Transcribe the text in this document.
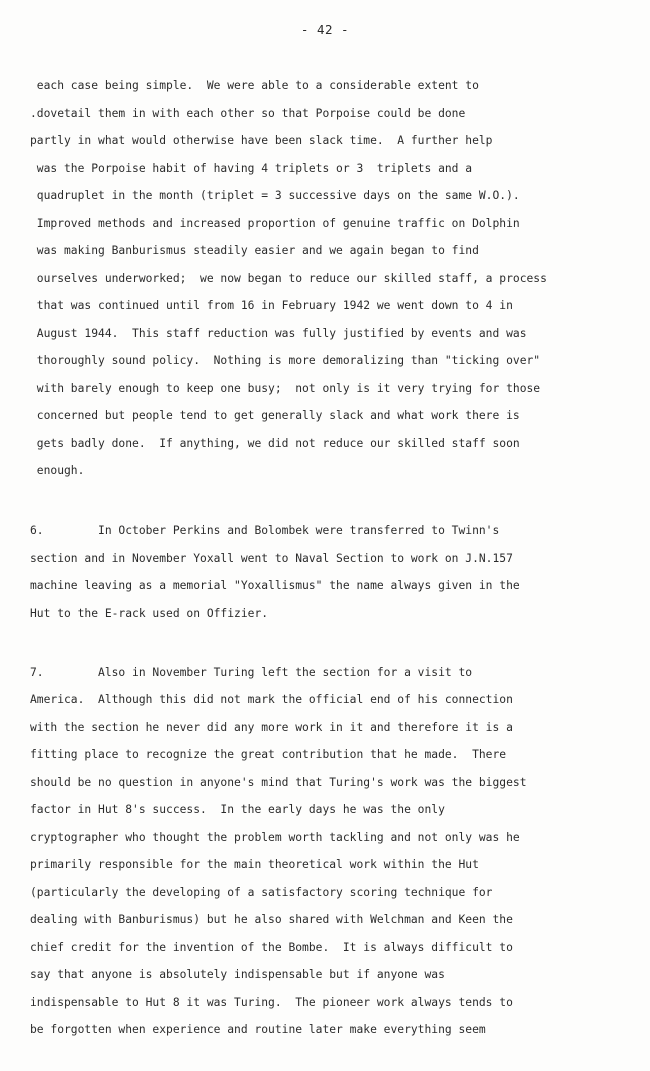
- 42 -
each case being simple.  We were able to a considerable extent to
.dovetail them in with each other so that Porpoise could be done
partly in what would otherwise have been slack time.  A further help
was the Porpoise habit of having 4 triplets or 3  triplets and a
quadruplet in the month (triplet = 3 successive days on the same W.O.).
Improved methods and increased proportion of genuine traffic on Dolphin
was making Banburismus steadily easier and we again began to find
ourselves underworked;  we now began to reduce our skilled staff, a process
that was continued until from 16 in February 1942 we went down to 4 in
August 1944.  This staff reduction was fully justified by events and was
thoroughly sound policy.  Nothing is more demoralizing than "ticking over"
with barely enough to keep one busy;  not only is it very trying for those
concerned but people tend to get generally slack and what work there is
gets badly done.  If anything, we did not reduce our skilled staff soon
enough.
6.        In October Perkins and Bolombek were transferred to Twinn's
section and in November Yoxall went to Naval Section to work on J.N.157
machine leaving as a memorial "Yoxallismus" the name always given in the
Hut to the E-rack used on Offizier.
7.        Also in November Turing left the section for a visit to
America.  Although this did not mark the official end of his connection
with the section he never did any more work in it and therefore it is a
fitting place to recognize the great contribution that he made.  There
should be no question in anyone's mind that Turing's work was the biggest
factor in Hut 8's success.  In the early days he was the only
cryptographer who thought the problem worth tackling and not only was he
primarily responsible for the main theoretical work within the Hut
(particularly the developing of a satisfactory scoring technique for
dealing with Banburismus) but he also shared with Welchman and Keen the
chief credit for the invention of the Bombe.  It is always difficult to
say that anyone is absolutely indispensable but if anyone was
indispensable to Hut 8 it was Turing.  The pioneer work always tends to
be forgotten when experience and routine later make everything seem
